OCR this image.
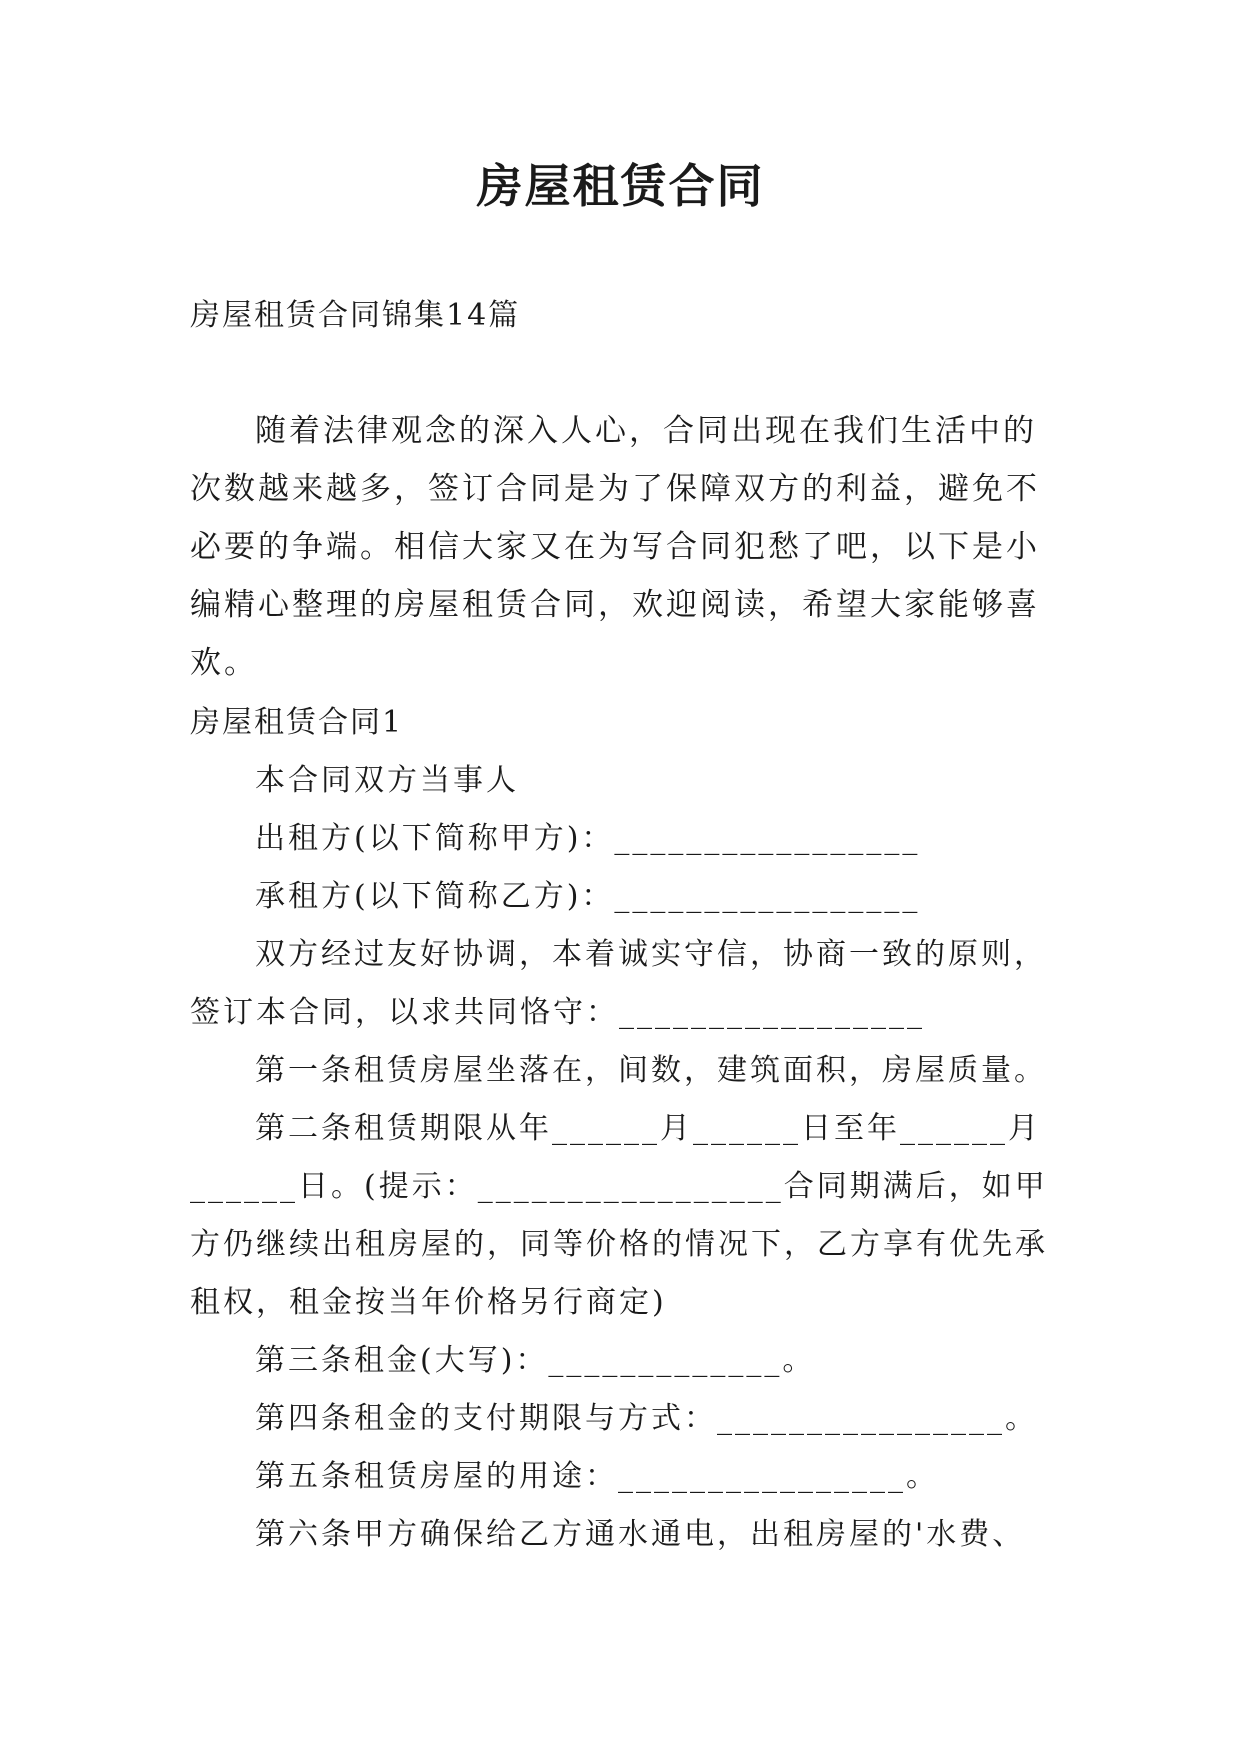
房屋租赁合同
房屋租赁合同锦集14篇

随着法律观念的深入人心，合同出现在我们生活中的次数越来越多，签订合同是为了保障双方的利益，避免不必要的争端。相信大家又在为写合同犯愁了吧，以下是小编精心整理的房屋租赁合同，欢迎阅读，希望大家能够喜欢。

房屋租赁合同1

本合同双方当事人

出租方(以下简称甲方)：_________________

承租方(以下简称乙方)：_________________

双方经过友好协调，本着诚实守信，协商一致的原则，签订本合同，以求共同恪守：_________________

第一条租赁房屋坐落在，间数，建筑面积，房屋质量。

第二条租赁期限从年______月______日至年______月______日。(提示：_________________合同期满后，如甲方仍继续出租房屋的，同等价格的情况下，乙方享有优先承租权，租金按当年价格另行商定)

第三条租金(大写)：_____________。

第四条租金的支付期限与方式：________________。

第五条租赁房屋的用途：________________。

第六条甲方确保给乙方通水通电，出租房屋的'水费、
